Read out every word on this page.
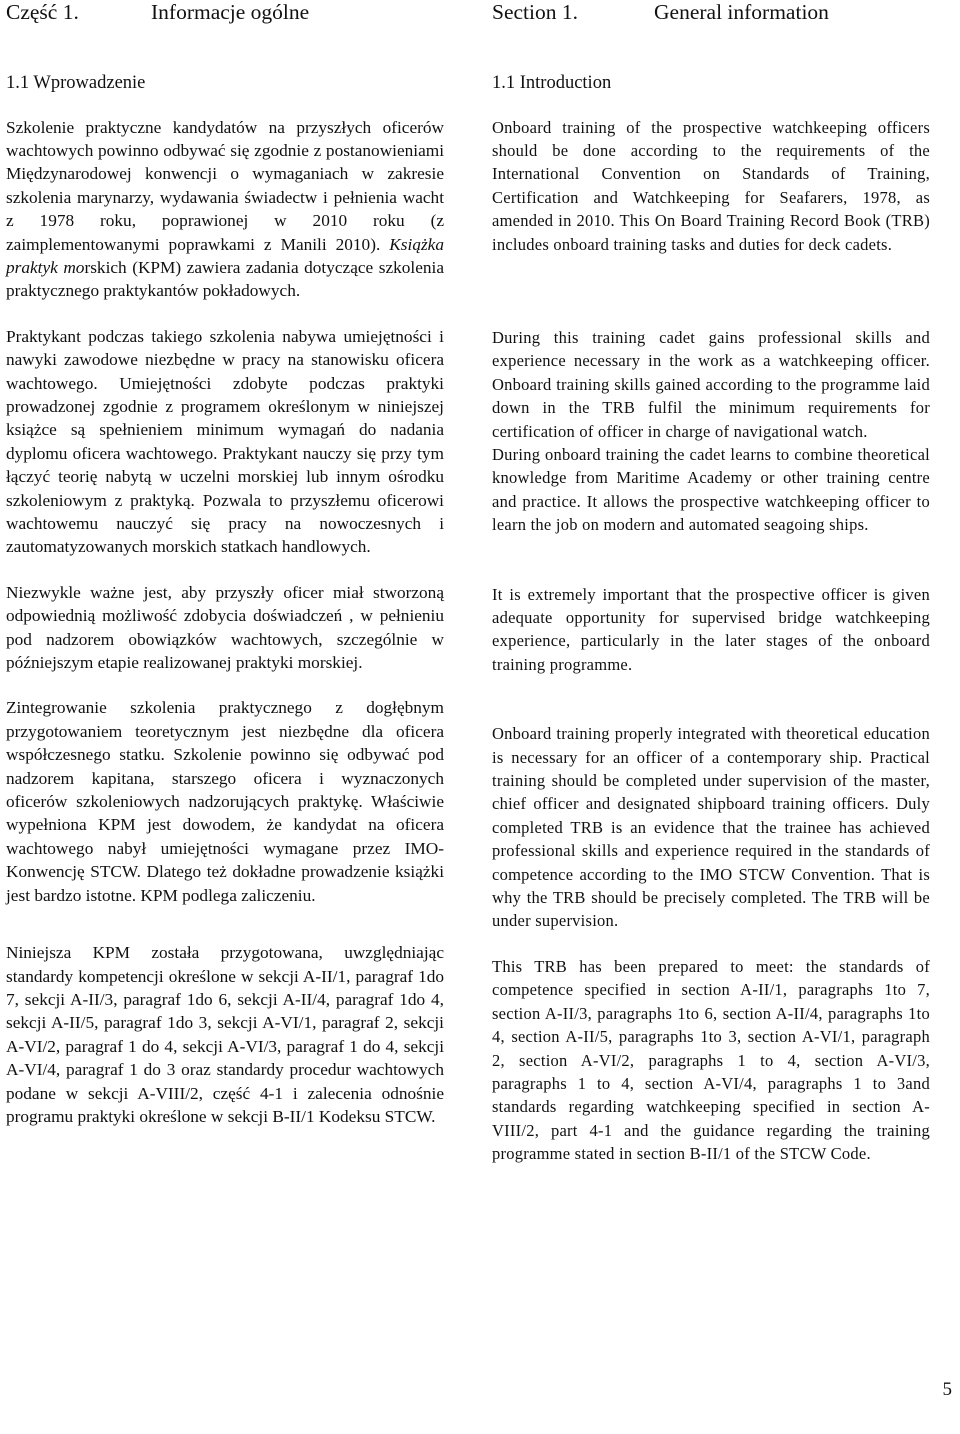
Część 1.	Informacje ogólne	Section 1.	General information

1.1 Wprowadzenie

Szkolenie praktyczne kandydatów na przyszłych oficerów wachtowych powinno odbywać się zgodnie z postanowieniami Międzynarodowej konwencji o wymaganiach w zakresie szkolenia marynarzy, wydawania świadectw i pełnienia wacht z 1978 roku, poprawionej w 2010 roku (z zaimplementowanymi poprawkami z Manili 2010). Książka praktyk morskich (KPM) zawiera zadania dotyczące szkolenia praktycznego praktykantów pokładowych.

Praktykant podczas takiego szkolenia nabywa umiejętności i nawyki zawodowe niezbędne w pracy na stanowisku oficera wachtowego. Umiejętności zdobyte podczas praktyki prowadzonej zgodnie z programem określonym w niniejszej książce są spełnieniem minimum wymagań do nadania dyplomu oficera wachtowego. Praktykant nauczy się przy tym łączyć teorię nabytą w uczelni morskiej lub innym ośrodku szkoleniowym z praktyką. Pozwala to przyszłemu oficerowi wachtowemu nauczyć się pracy na nowoczesnych i zautomatyzowanych morskich statkach handlowych.

Niezwykle ważne jest, aby przyszły oficer miał stworzoną odpowiednią możliwość zdobycia doświadczeń , w pełnieniu pod nadzorem obowiązków wachtowych, szczególnie w późniejszym etapie realizowanej praktyki morskiej.

Zintegrowanie szkolenia praktycznego z dogłębnym przygotowaniem teoretycznym jest niezbędne dla oficera współczesnego statku. Szkolenie powinno się odbywać pod nadzorem kapitana, starszego oficera i wyznaczonych oficerów szkoleniowych nadzorujących praktykę. Właściwie wypełniona KPM jest dowodem, że kandydat na oficera wachtowego nabył umiejętności wymagane przez IMO- Konwencję STCW. Dlatego też dokładne prowadzenie książki jest bardzo istotne. KPM podlega zaliczeniu.

Niniejsza KPM została przygotowana, uwzględniając standardy kompetencji określone w sekcji A-II/1, paragraf 1do 7, sekcji A-II/3, paragraf 1do 6, sekcji A-II/4, paragraf 1do 4, sekcji A-II/5, paragraf 1do 3, sekcji A-VI/1, paragraf 2, sekcji A-VI/2, paragraf 1 do 4, sekcji A-VI/3, paragraf 1 do 4, sekcji A-VI/4, paragraf 1 do 3 oraz standardy procedur wachtowych podane w sekcji A-VIII/2, część 4-1 i zalecenia odnośnie programu praktyki określone w sekcji B-II/1 Kodeksu STCW.

1.1 Introduction

Onboard training of the prospective watchkeeping officers should be done according to the requirements of the International Convention on Standards of Training, Certification and Watchkeeping for Seafarers, 1978, as amended in 2010. This On Board Training Record Book (TRB) includes onboard training tasks and duties for deck cadets.

During this training cadet gains professional skills and experience necessary in the work as a watchkeeping officer. Onboard training skills gained according to the programme laid down in the TRB fulfil the minimum requirements for certification of officer in charge of navigational watch.

During onboard training the cadet learns to combine theoretical knowledge from Maritime Academy or other training centre and practice. It allows the prospective watchkeeping officer to learn the job on modern and automated seagoing ships.

It is extremely important that the prospective officer is given adequate opportunity for supervised bridge watchkeeping experience, particularly in the later stages of the onboard training programme.

Onboard training properly integrated with theoretical education is necessary for an officer of a contemporary ship. Practical training should be completed under supervision of the master, chief officer and designated shipboard training officers. Duly completed TRB is an evidence that the trainee has achieved professional skills and experience required in the standards of competence according to the IMO STCW Convention. That is why the TRB should be precisely completed. The TRB will be under supervision.

This TRB has been prepared to meet: the standards of competence specified in section A-II/1, paragraphs 1to 7, section A-II/3, paragraphs 1to 6, section A-II/4, paragraphs 1to 4, section A-II/5, paragraphs 1to 3, section A-VI/1, paragraph 2, section A-VI/2, paragraphs 1 to 4, section A-VI/3, paragraphs 1 to 4, section A-VI/4, paragraphs 1 to 3and standards regarding watchkeeping specified in section A-VIII/2, part 4-1 and the guidance regarding the training programme stated in section B-II/1 of the STCW Code.

5
